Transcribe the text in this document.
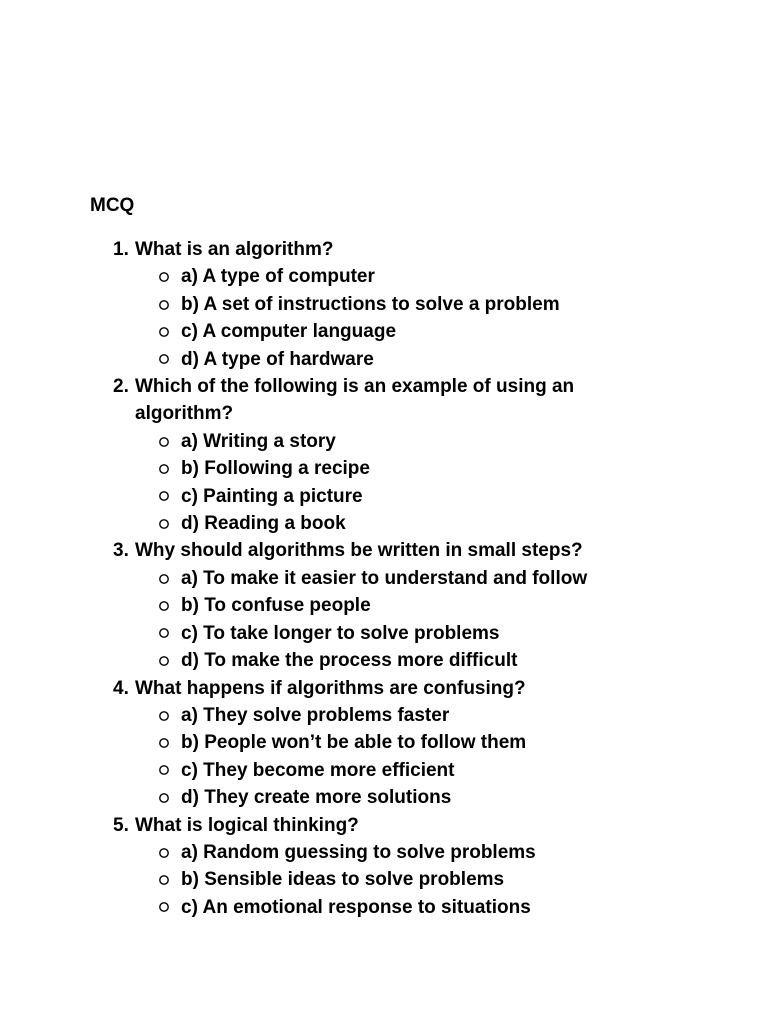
MCQ
1. What is an algorithm?
a) A type of computer
b) A set of instructions to solve a problem
c) A computer language
d) A type of hardware
2. Which of the following is an example of using an algorithm?
a) Writing a story
b) Following a recipe
c) Painting a picture
d) Reading a book
3. Why should algorithms be written in small steps?
a) To make it easier to understand and follow
b) To confuse people
c) To take longer to solve problems
d) To make the process more difficult
4. What happens if algorithms are confusing?
a) They solve problems faster
b) People won’t be able to follow them
c) They become more efficient
d) They create more solutions
5. What is logical thinking?
a) Random guessing to solve problems
b) Sensible ideas to solve problems
c) An emotional response to situations
